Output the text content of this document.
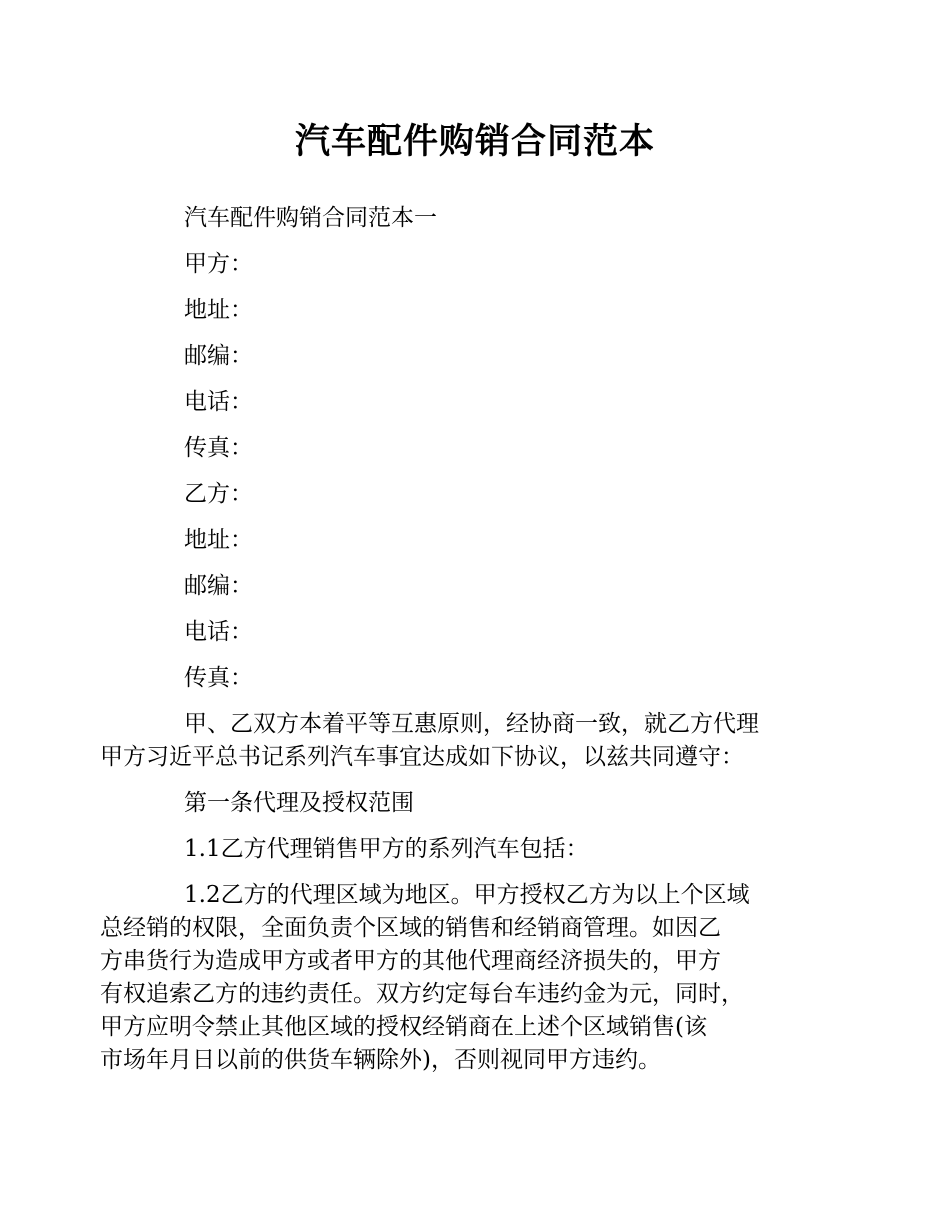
汽车配件购销合同范本

汽车配件购销合同范本一

甲方：

地址：

邮编：

电话：

传真：

乙方：

地址：

邮编：

电话：

传真：

甲、乙双方本着平等互惠原则，经协商一致，就乙方代理
甲方习近平总书记系列汽车事宜达成如下协议，以兹共同遵守：

第一条代理及授权范围

1.1乙方代理销售甲方的系列汽车包括：

1.2乙方的代理区域为地区。甲方授权乙方为以上个区域
总经销的权限，全面负责个区域的销售和经销商管理。如因乙
方串货行为造成甲方或者甲方的其他代理商经济损失的，甲方
有权追索乙方的违约责任。双方约定每台车违约金为元，同时，
甲方应明令禁止其他区域的授权经销商在上述个区域销售(该
市场年月日以前的供货车辆除外)，否则视同甲方违约。
